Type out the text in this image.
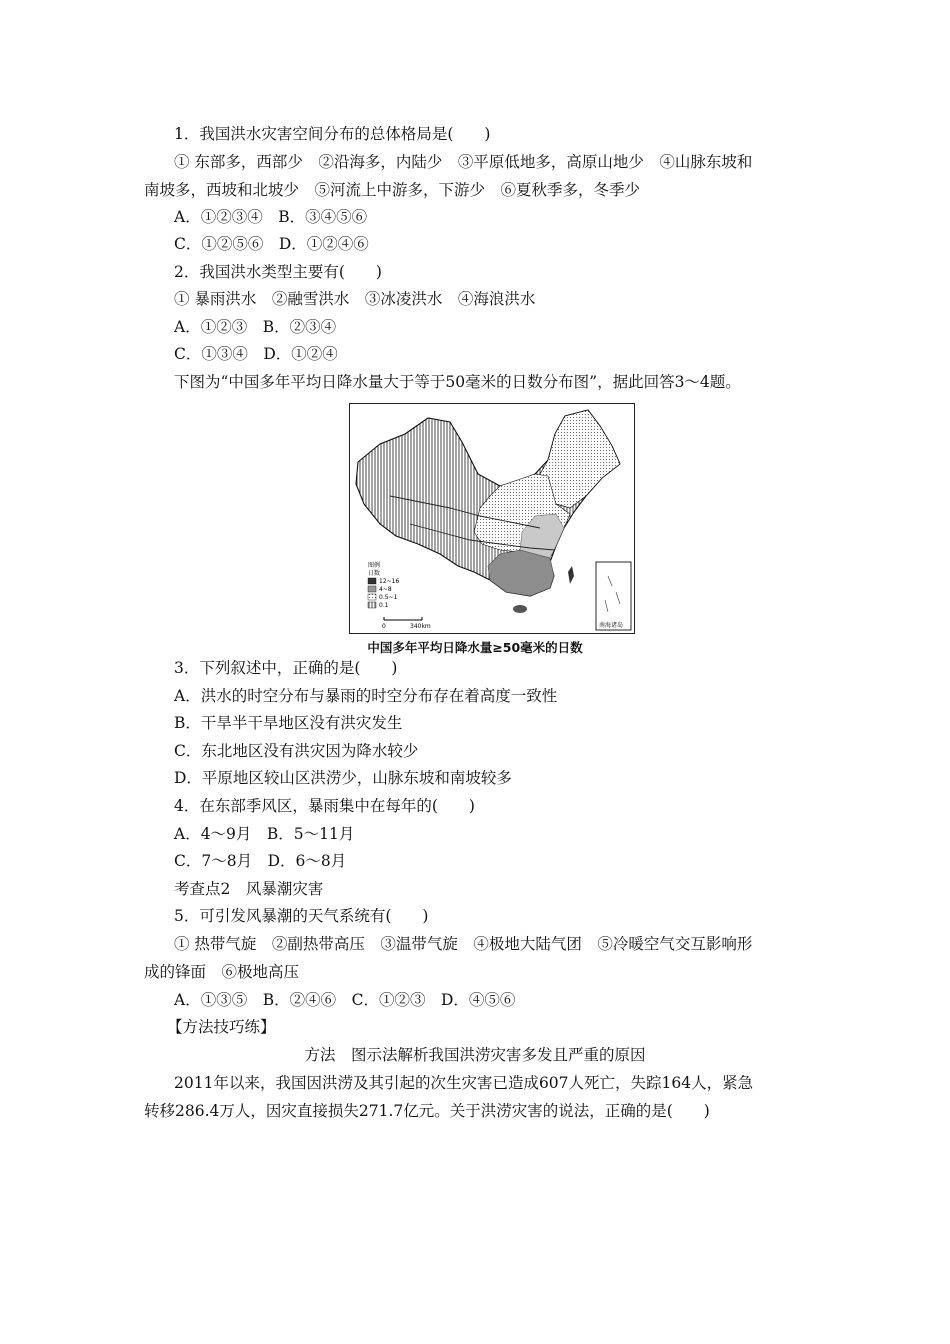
1．我国洪水灾害空间分布的总体格局是(　　)
① 东部多，西部少　②沿海多，内陆少　③平原低地多，高原山地少　④山脉东坡和
南坡多，西坡和北坡少　⑤河流上中游多，下游少　⑥夏秋季多，冬季少
A．①②③④　B．③④⑤⑥
C．①②⑤⑥　D．①②④⑥
2．我国洪水类型主要有(　　)
① 暴雨洪水　②融雪洪水　③冰凌洪水　④海浪洪水
A．①②③　B．②③④
C．①③④　D．①②④
下图为“中国多年平均日降水量大于等于50毫米的日数分布图”，据此回答3～4题。
南海诸岛
图例
日数
12~16
4~8
0.5~1
0.1
0	340km
中国多年平均日降水量≥50毫米的日数
3．下列叙述中，正确的是(　　)
A．洪水的时空分布与暴雨的时空分布存在着高度一致性
B．干旱半干旱地区没有洪灾发生
C．东北地区没有洪灾因为降水较少
D．平原地区较山区洪涝少，山脉东坡和南坡较多
4．在东部季风区，暴雨集中在每年的(　　)
A．4～9月　B．5～11月
C．7～8月　D．6～8月
考查点2　风暴潮灾害
5．可引发风暴潮的天气系统有(　　)
① 热带气旋　②副热带高压　③温带气旋　④极地大陆气团　⑤冷暖空气交互影响形
成的锋面　⑥极地高压
A．①③⑤　B．②④⑥　C．①②③　D．④⑤⑥
【方法技巧练】
方法　图示法解析我国洪涝灾害多发且严重的原因
2011年以来，我国因洪涝及其引起的次生灾害已造成607人死亡，失踪164人，紧急
转移286.4万人，因灾直接损失271.7亿元。关于洪涝灾害的说法，正确的是(　　)
